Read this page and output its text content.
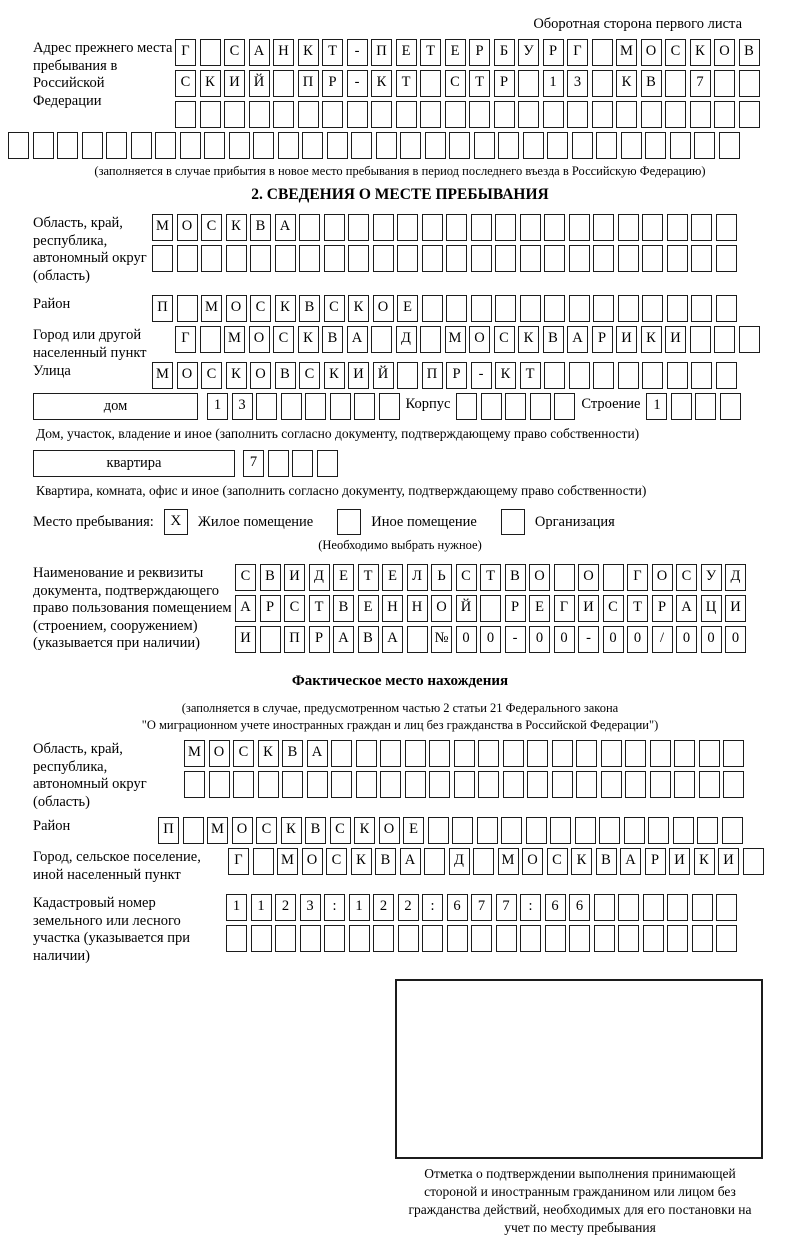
Оборотная сторона первого листа
Адрес прежнего места пребывания в Российской Федерации
Г	С А Н К	Т	-	П	Е	Т	Е	Р	Б	У	Р	Г	М О С	К О В
С	К И Й	П	Р	-	К	Т	С	Т	Р	1	3	К	В	7
(заполняется в случае прибытия в новое место пребывания в период последнего въезда в Российскую Федерацию)
2. СВЕДЕНИЯ О МЕСТЕ ПРЕБЫВАНИЯ
Область, край, республика, автономный округ (область)
М О С	К	В А
Район	П	М О С	К	В	С	К О	Е
Город или другой населенный пункт
Г	М О С	К	В А	Д	М О С	К	В А	Р	И К И
Улица	М О С	К О В	С	К И Й	П	Р	-	К	Т
дом	1	3	Корпус	Строение 1
Дом, участок, владение и иное (заполнить согласно документу, подтверждающему право собственности)
квартира	7
Квартира, комната, офис и иное (заполнить согласно документу, подтверждающему право собственности)
Место пребывания:	X	Жилое помещение	Иное помещение	Организация
(Необходимо выбрать нужное)
Наименование и реквизиты документа, подтверждающего право пользования помещением (строением, сооружением) (указывается при наличии)
С	В И Д	Е	Т	Е	Л	Ь	С	Т	В О	О	Г	О С	У Д
А	Р	С	Т	В	Е	Н Н О Й	Р	Е	Г	И С	Т	Р	А Ц И
И	П	Р	А В А	№ 0	0	-	0	0	-	0	0	/	0	0	0
Фактическое место нахождения
(заполняется в случае, предусмотренном частью 2 статьи 21 Федерального закона
"О миграционном учете иностранных граждан и лиц без гражданства в Российской Федерации")
Область, край, республика, автономный округ (область)
М О С	К	В А
Район	П	М О С	К	В	С	К О	Е
Город, сельское поселение, иной населенный пункт
Г	М О С	К	В А	Д	М О С	К	В А	Р	И К И
Кадастровый номер земельного или лесного участка (указывается при наличии)
1	1	2	3	:	1	2	2	:	6	7	7	:	6	6
Отметка о подтверждении выполнения принимающей стороной и иностранным гражданином или лицом без гражданства действий, необходимых для его постановки на учет по месту пребывания
